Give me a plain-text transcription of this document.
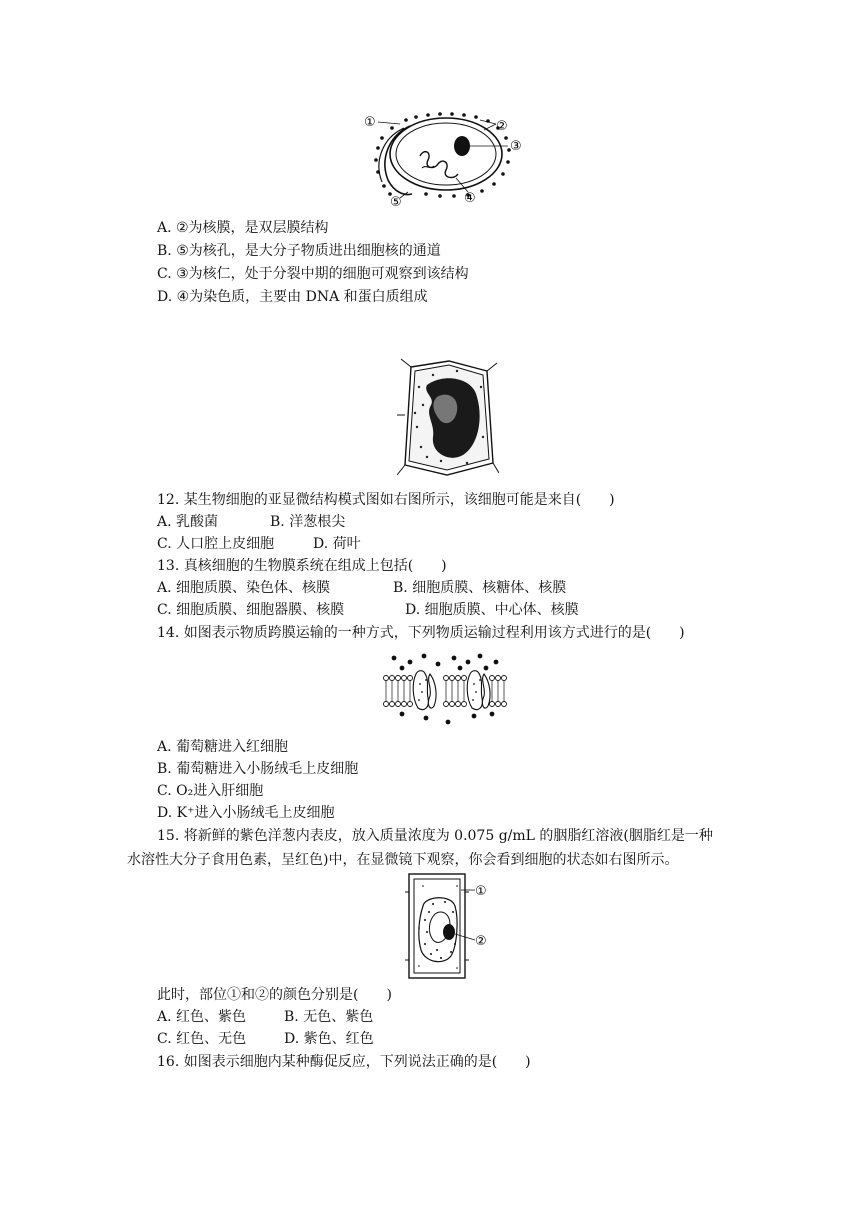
①	②
③
④
⑤
A. ②为核膜，是双层膜结构
B. ⑤为核孔，是大分子物质进出细胞核的通道
C. ③为核仁，处于分裂中期的细胞可观察到该结构
D. ④为染色质，主要由 DNA 和蛋白质组成
12. 某生物细胞的亚显微结构模式图如右图所示，该细胞可能是来自(　　)
A. 乳酸菌	B. 洋葱根尖
C. 人口腔上皮细胞	D. 荷叶
13. 真核细胞的生物膜系统在组成上包括(　　)
A. 细胞质膜、染色体、核膜	B. 细胞质膜、核糖体、核膜
C. 细胞质膜、细胞器膜、核膜	D. 细胞质膜、中心体、核膜
14. 如图表示物质跨膜运输的一种方式，下列物质运输过程利用该方式进行的是(　　)
A. 葡萄糖进入红细胞
B. 葡萄糖进入小肠绒毛上皮细胞
C. O₂进入肝细胞
D. K⁺进入小肠绒毛上皮细胞
15. 将新鲜的紫色洋葱内表皮，放入质量浓度为 0.075 g/mL 的胭脂红溶液(胭脂红是一种
水溶性大分子食用色素，呈红色)中，在显微镜下观察，你会看到细胞的状态如右图所示。
①
②
此时，部位①和②的颜色分别是(　　)
A. 红色、紫色	B. 无色、紫色
C. 红色、无色	D. 紫色、红色
16. 如图表示细胞内某种酶促反应，下列说法正确的是(　　)
